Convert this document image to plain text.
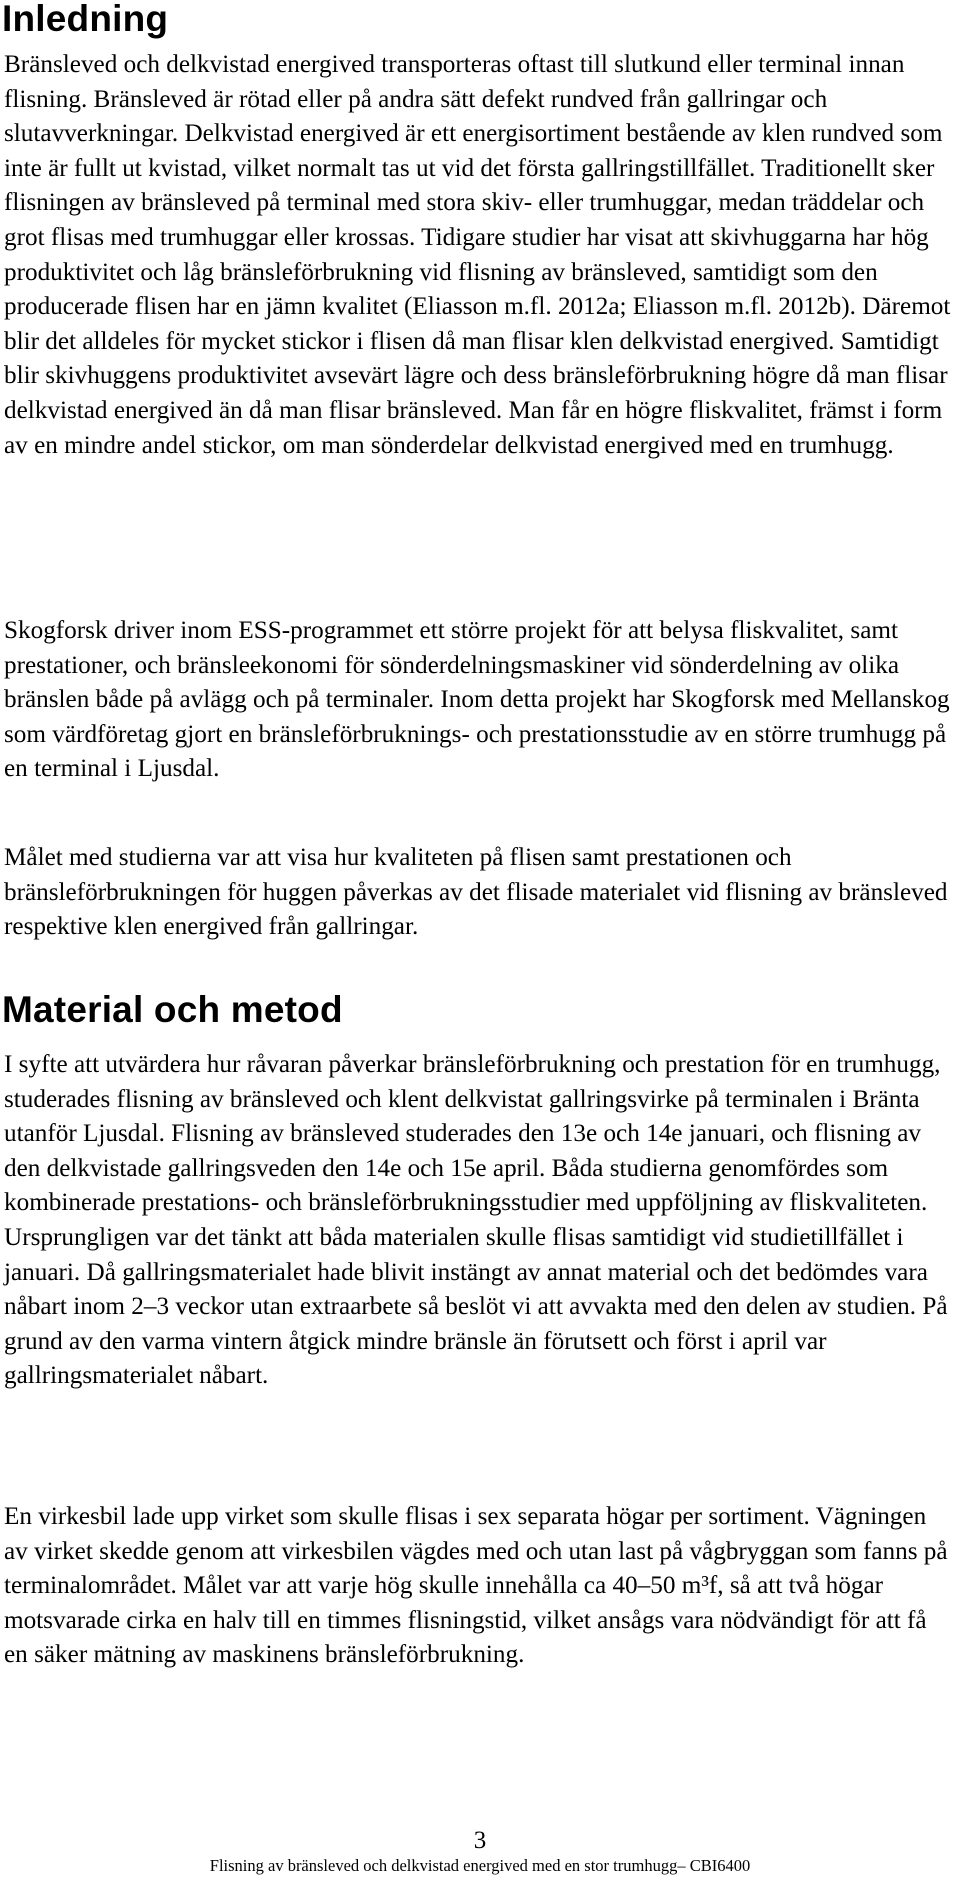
Inledning

Bränsleved och delkvistad energived transporteras oftast till slutkund eller terminal innan flisning. Bränsleved är rötad eller på andra sätt defekt rundved från gallringar och slutavverkningar. Delkvistad energived är ett energisortiment bestående av klen rundved som inte är fullt ut kvistad, vilket normalt tas ut vid det första gallringstillfället. Traditionellt sker flisningen av bränsleved på terminal med stora skiv- eller trumhuggar, medan träddelar och grot flisas med trumhuggar eller krossas. Tidigare studier har visat att skivhuggarna har hög produktivitet och låg bränsleförbrukning vid flisning av bränsleved, samtidigt som den producerade flisen har en jämn kvalitet (Eliasson m.fl. 2012a; Eliasson m.fl. 2012b). Däremot blir det alldeles för mycket stickor i flisen då man flisar klen delkvistad energived. Samtidigt blir skivhuggens produktivitet avsevärt lägre och dess bränsleförbrukning högre då man flisar delkvistad energived än då man flisar bränsleved. Man får en högre fliskvalitet, främst i form av en mindre andel stickor, om man sönderdelar delkvistad energived med en trumhugg.

Skogforsk driver inom ESS-programmet ett större projekt för att belysa fliskvalitet, samt prestationer, och bränsleekonomi för sönderdelningsmaskiner vid sönderdelning av olika bränslen både på avlägg och på terminaler. Inom detta projekt har Skogforsk med Mellanskog som värdföretag gjort en bränsleförbruknings- och prestationsstudie av en större trumhugg på en terminal i Ljusdal.

Målet med studierna var att visa hur kvaliteten på flisen samt prestationen och bränsleförbrukningen för huggen påverkas av det flisade materialet vid flisning av bränsleved respektive klen energived från gallringar.

Material och metod

I syfte att utvärdera hur råvaran påverkar bränsleförbrukning och prestation för en trumhugg, studerades flisning av bränsleved och klent delkvistat gallringsvirke på terminalen i Bränta utanför Ljusdal. Flisning av bränsleved studerades den 13e och 14e januari, och flisning av den delkvistade gallringsveden den 14e och 15e april. Båda studierna genomfördes som kombinerade prestations- och bränsleförbrukningsstudier med uppföljning av fliskvaliteten. Ursprungligen var det tänkt att båda materialen skulle flisas samtidigt vid studietillfället i januari. Då gallringsmaterialet hade blivit instängt av annat material och det bedömdes vara nåbart inom 2–3 veckor utan extraarbete så beslöt vi att avvakta med den delen av studien. På grund av den varma vintern åtgick mindre bränsle än förutsett och först i april var gallringsmaterialet nåbart.

En virkesbil lade upp virket som skulle flisas i sex separata högar per sortiment. Vägningen av virket skedde genom att virkesbilen vägdes med och utan last på vågbryggan som fanns på terminalområdet. Målet var att varje hög skulle innehålla ca 40–50 m³f, så att två högar motsvarade cirka en halv till en timmes flisningstid, vilket ansågs vara nödvändigt för att få en säker mätning av maskinens bränsleförbrukning.

3
Flisning av bränsleved och delkvistad energived med en stor trumhugg– CBI6400
